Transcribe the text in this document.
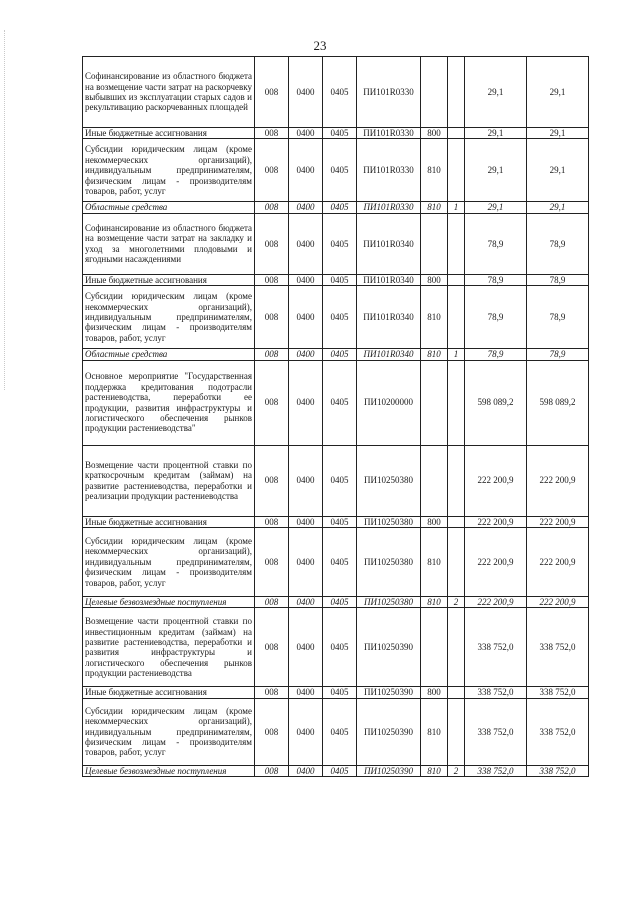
23
Софинансирование из областного бюджета на возмещение части затрат на раскорчевку выбывших из эксплуатации старых садов и рекультивацию раскорчеванных площадей	008	0400	0405	ПИ101R0330			29,1	29,1
Иные бюджетные ассигнования	008	0400	0405	ПИ101R0330	800		29,1	29,1
Субсидии юридическим лицам (кроме некоммерческих организаций), индивидуальным предпринимателям, физическим лицам - производителям товаров, работ, услуг	008	0400	0405	ПИ101R0330	810		29,1	29,1
Областные средства	008	0400	0405	ПИ101R0330	810	1	29,1	29,1
Софинансирование из областного бюджета на возмещение части затрат на закладку и уход за многолетними плодовыми и ягодными насаждениями	008	0400	0405	ПИ101R0340			78,9	78,9
Иные бюджетные ассигнования	008	0400	0405	ПИ101R0340	800		78,9	78,9
Субсидии юридическим лицам (кроме некоммерческих организаций), индивидуальным предпринимателям, физическим лицам - производителям товаров, работ, услуг	008	0400	0405	ПИ101R0340	810		78,9	78,9
Областные средства	008	0400	0405	ПИ101R0340	810	1	78,9	78,9
Основное мероприятие "Государственная поддержка кредитования подотрасли растениеводства, переработки ее продукции, развития инфраструктуры и логистического обеспечения рынков продукции растениеводства"	008	0400	0405	ПИ10200000			598 089,2	598 089,2
Возмещение части процентной ставки по краткосрочным кредитам (займам) на развитие растениеводства, переработки и реализации продукции растениеводства	008	0400	0405	ПИ10250380			222 200,9	222 200,9
Иные бюджетные ассигнования	008	0400	0405	ПИ10250380	800		222 200,9	222 200,9
Субсидии юридическим лицам (кроме некоммерческих организаций), индивидуальным предпринимателям, физическим лицам - производителям товаров, работ, услуг	008	0400	0405	ПИ10250380	810		222 200,9	222 200,9
Целевые безвозмездные поступления	008	0400	0405	ПИ10250380	810	2	222 200,9	222 200,9
Возмещение части процентной ставки по инвестиционным кредитам (займам) на развитие растениеводства, переработки и развития инфраструктуры и логистического обеспечения рынков продукции растениеводства	008	0400	0405	ПИ10250390			338 752,0	338 752,0
Иные бюджетные ассигнования	008	0400	0405	ПИ10250390	800		338 752,0	338 752,0
Субсидии юридическим лицам (кроме некоммерческих организаций), индивидуальным предпринимателям, физическим лицам - производителям товаров, работ, услуг	008	0400	0405	ПИ10250390	810		338 752,0	338 752,0
Целевые безвозмездные поступления	008	0400	0405	ПИ10250390	810	2	338 752,0	338 752,0
